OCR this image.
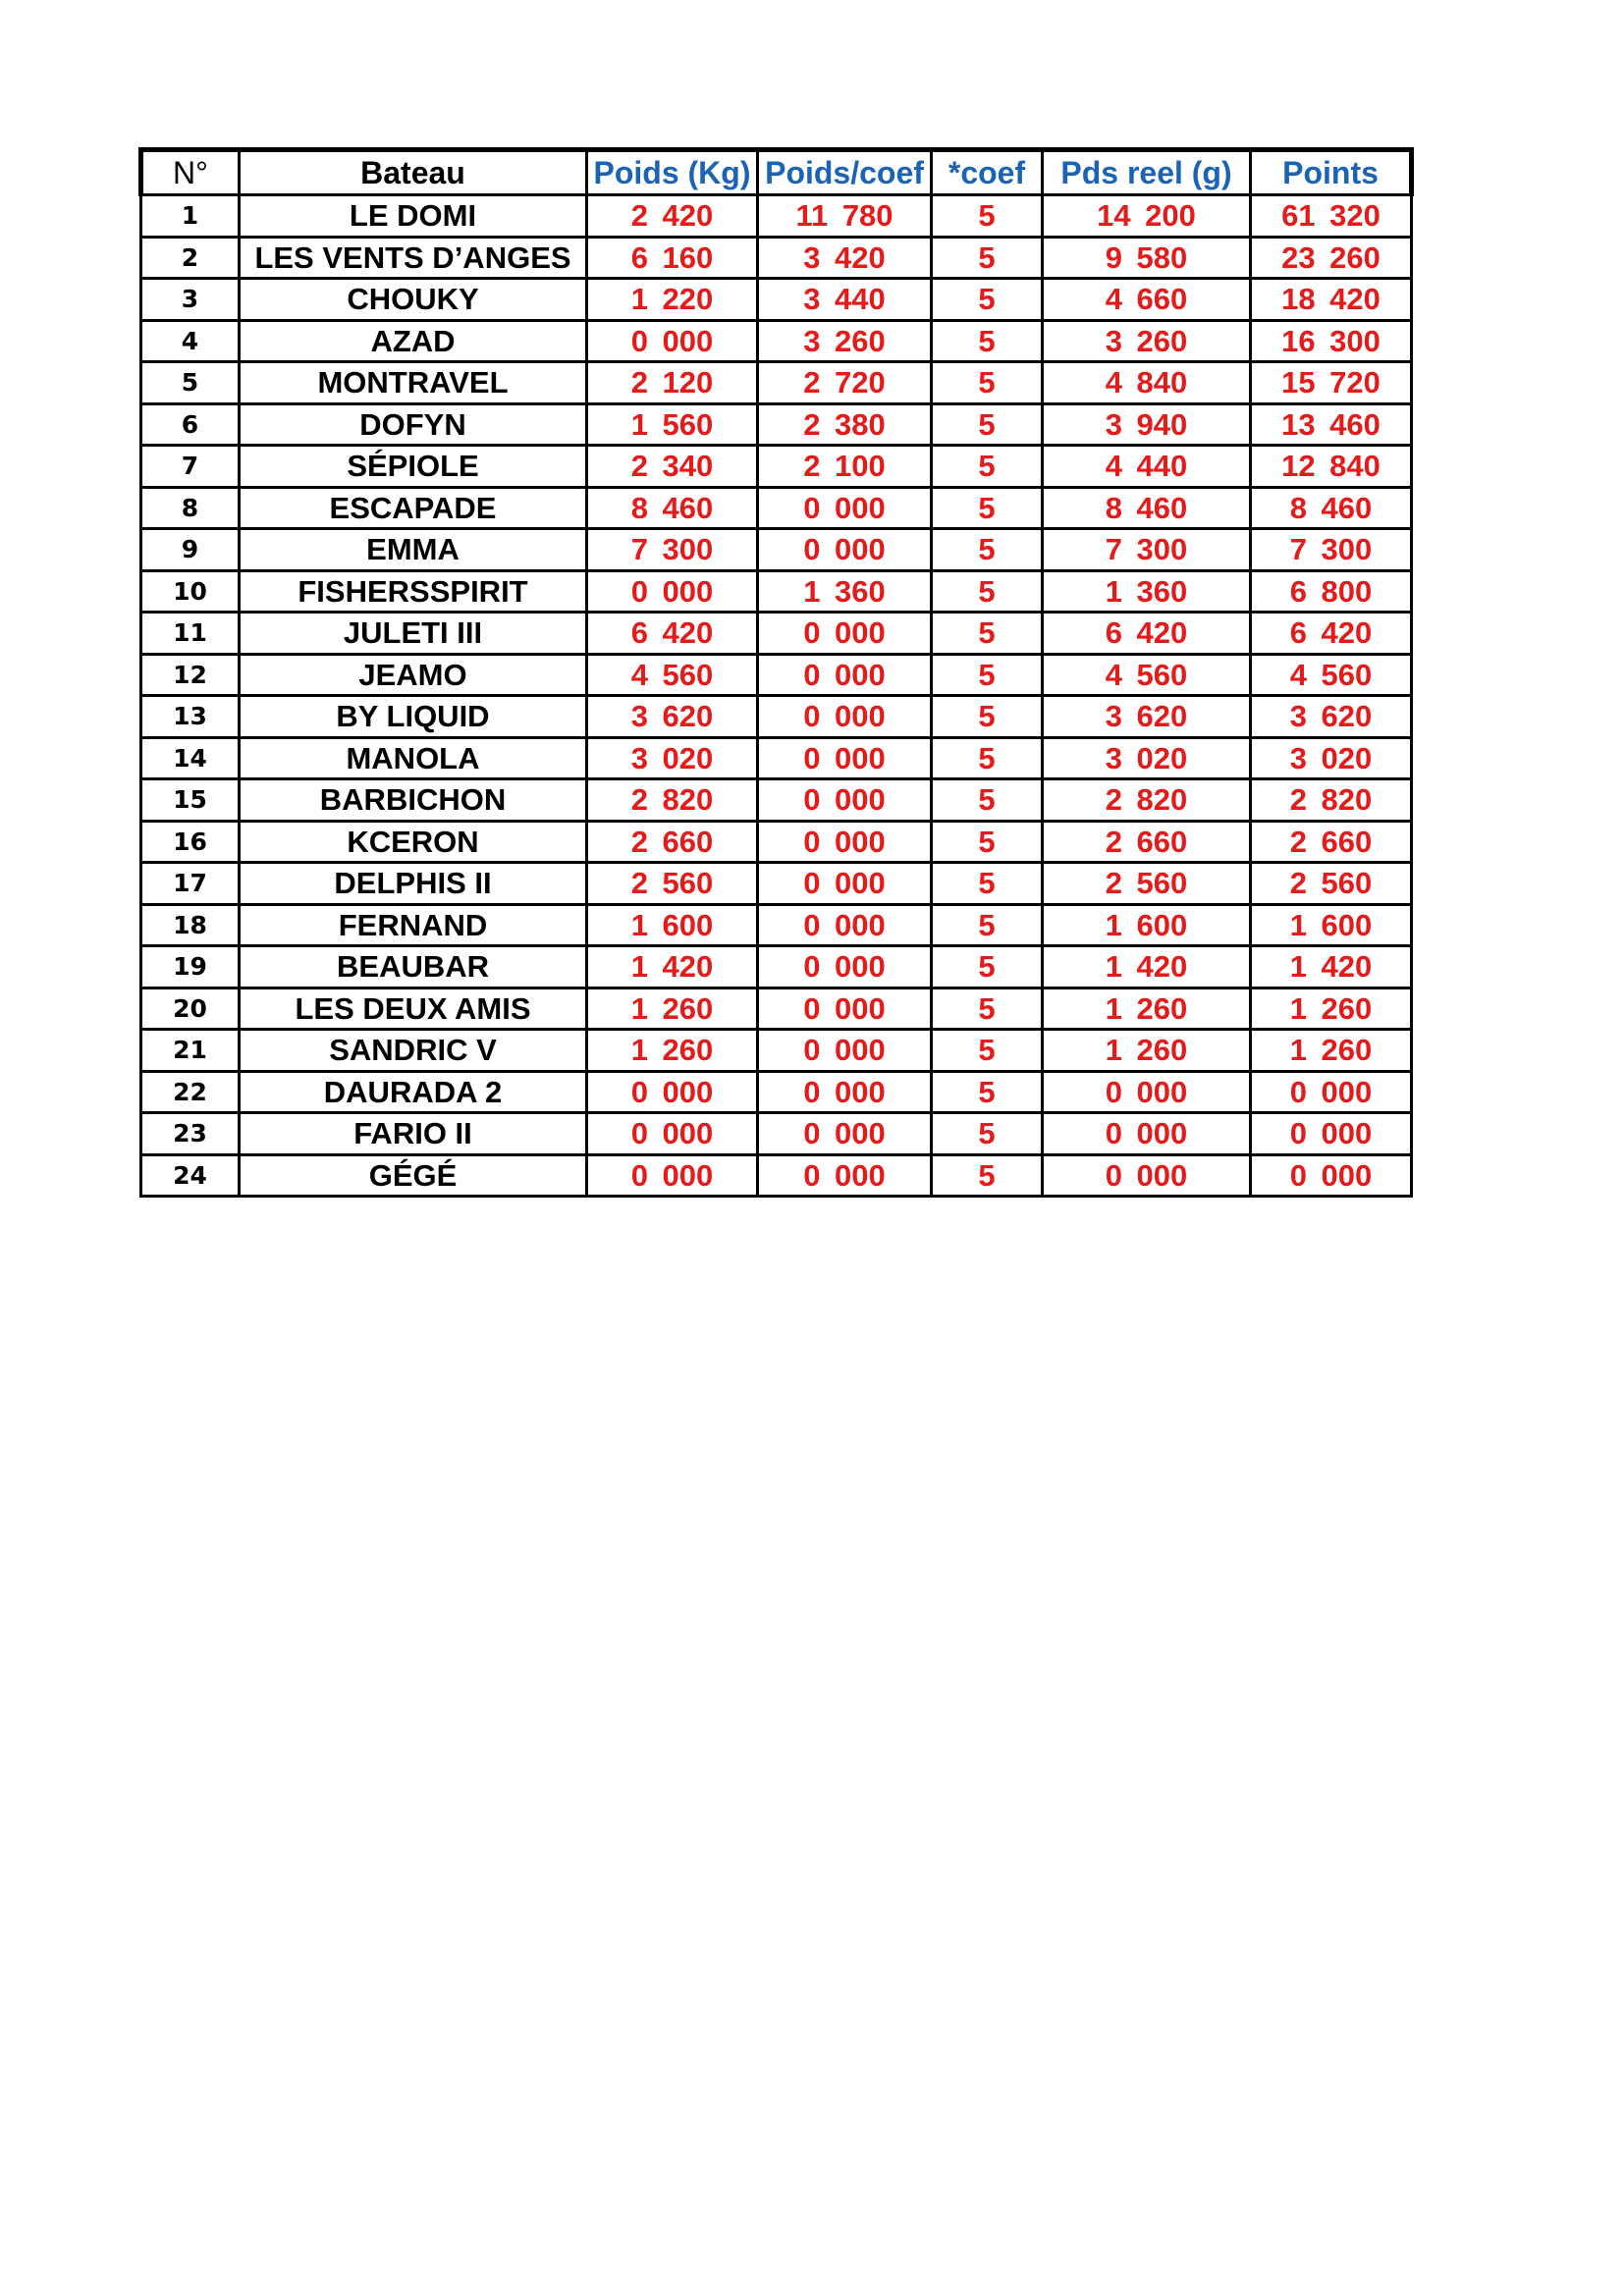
N°	Bateau	Poids (Kg)	Poids/coef	*coef	Pds reel (g)	Points
1	LE DOMI	2 420	11 780	5	14 200	61 320
2	LES VENTS D’ANGES	6 160	3 420	5	9 580	23 260
3	CHOUKY	1 220	3 440	5	4 660	18 420
4	AZAD	0 000	3 260	5	3 260	16 300
5	MONTRAVEL	2 120	2 720	5	4 840	15 720
6	DOFYN	1 560	2 380	5	3 940	13 460
7	SÉPIOLE	2 340	2 100	5	4 440	12 840
8	ESCAPADE	8 460	0 000	5	8 460	8 460
9	EMMA	7 300	0 000	5	7 300	7 300
10	FISHERSSPIRIT	0 000	1 360	5	1 360	6 800
11	JULETI III	6 420	0 000	5	6 420	6 420
12	JEAMO	4 560	0 000	5	4 560	4 560
13	BY LIQUID	3 620	0 000	5	3 620	3 620
14	MANOLA	3 020	0 000	5	3 020	3 020
15	BARBICHON	2 820	0 000	5	2 820	2 820
16	KCERON	2 660	0 000	5	2 660	2 660
17	DELPHIS II	2 560	0 000	5	2 560	2 560
18	FERNAND	1 600	0 000	5	1 600	1 600
19	BEAUBAR	1 420	0 000	5	1 420	1 420
20	LES DEUX AMIS	1 260	0 000	5	1 260	1 260
21	SANDRIC V	1 260	0 000	5	1 260	1 260
22	DAURADA 2	0 000	0 000	5	0 000	0 000
23	FARIO II	0 000	0 000	5	0 000	0 000
24	GÉGÉ	0 000	0 000	5	0 000	0 000
